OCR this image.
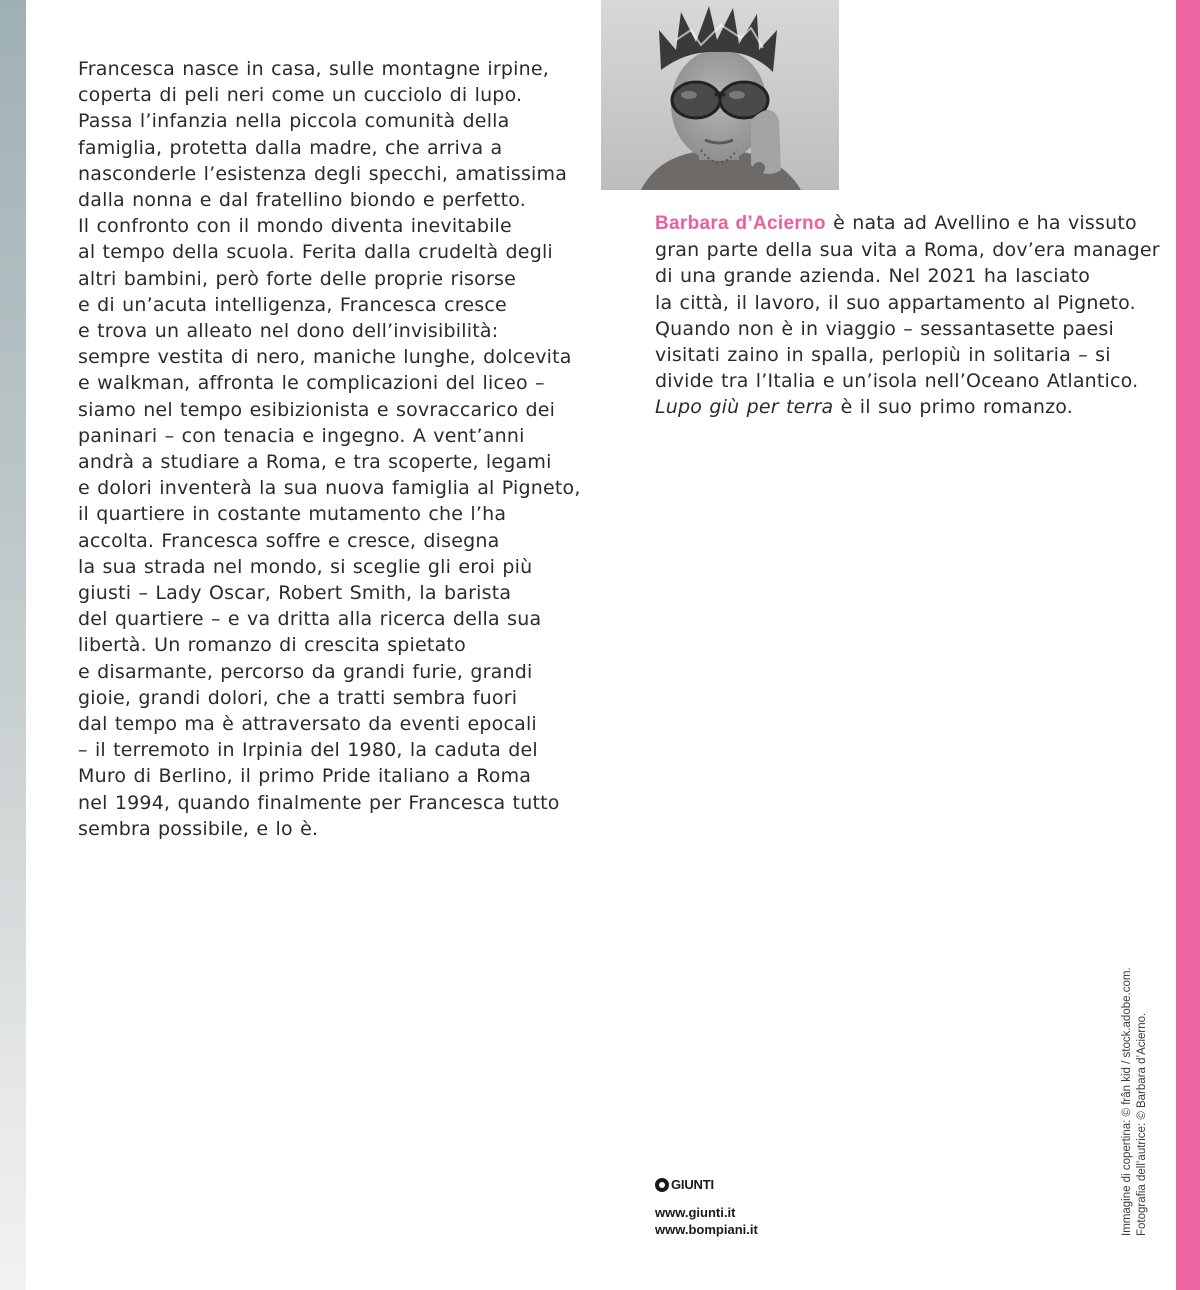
Francesca nasce in casa, sulle montagne irpine,
coperta di peli neri come un cucciolo di lupo.
Passa l’infanzia nella piccola comunità della
famiglia, protetta dalla madre, che arriva a
nasconderle l’esistenza degli specchi, amatissima
dalla nonna e dal fratellino biondo e perfetto.
Il confronto con il mondo diventa inevitabile
al tempo della scuola. Ferita dalla crudeltà degli
altri bambini, però forte delle proprie risorse
e di un’acuta intelligenza, Francesca cresce
e trova un alleato nel dono dell’invisibilità:
sempre vestita di nero, maniche lunghe, dolcevita
e walkman, affronta le complicazioni del liceo –
siamo nel tempo esibizionista e sovraccarico dei
paninari – con tenacia e ingegno. A vent’anni
andrà a studiare a Roma, e tra scoperte, legami
e dolori inventerà la sua nuova famiglia al Pigneto,
il quartiere in costante mutamento che l’ha
accolta. Francesca soffre e cresce, disegna
la sua strada nel mondo, si sceglie gli eroi più
giusti – Lady Oscar, Robert Smith, la barista
del quartiere – e va dritta alla ricerca della sua
libertà. Un romanzo di crescita spietato
e disarmante, percorso da grandi furie, grandi
gioie, grandi dolori, che a tratti sembra fuori
dal tempo ma è attraversato da eventi epocali
– il terremoto in Irpinia del 1980, la caduta del
Muro di Berlino, il primo Pride italiano a Roma
nel 1994, quando finalmente per Francesca tutto
sembra possibile, e lo è.
Barbara d’Acierno è nata ad Avellino e ha vissuto
gran parte della sua vita a Roma, dov’era manager
di una grande azienda. Nel 2021 ha lasciato
la città, il lavoro, il suo appartamento al Pigneto.
Quando non è in viaggio – sessantasette paesi
visitati zaino in spalla, perlopiù in solitaria – si
divide tra l’Italia e un’isola nell’Oceano Atlantico.
Lupo giù per terra è il suo primo romanzo.
GIUNTI
www.giunti.it
www.bompiani.it	Immagine di copertina: © frân kid / stock.adobe.com. Fotografia dell’autrice: © Barbara d’Acierno.
